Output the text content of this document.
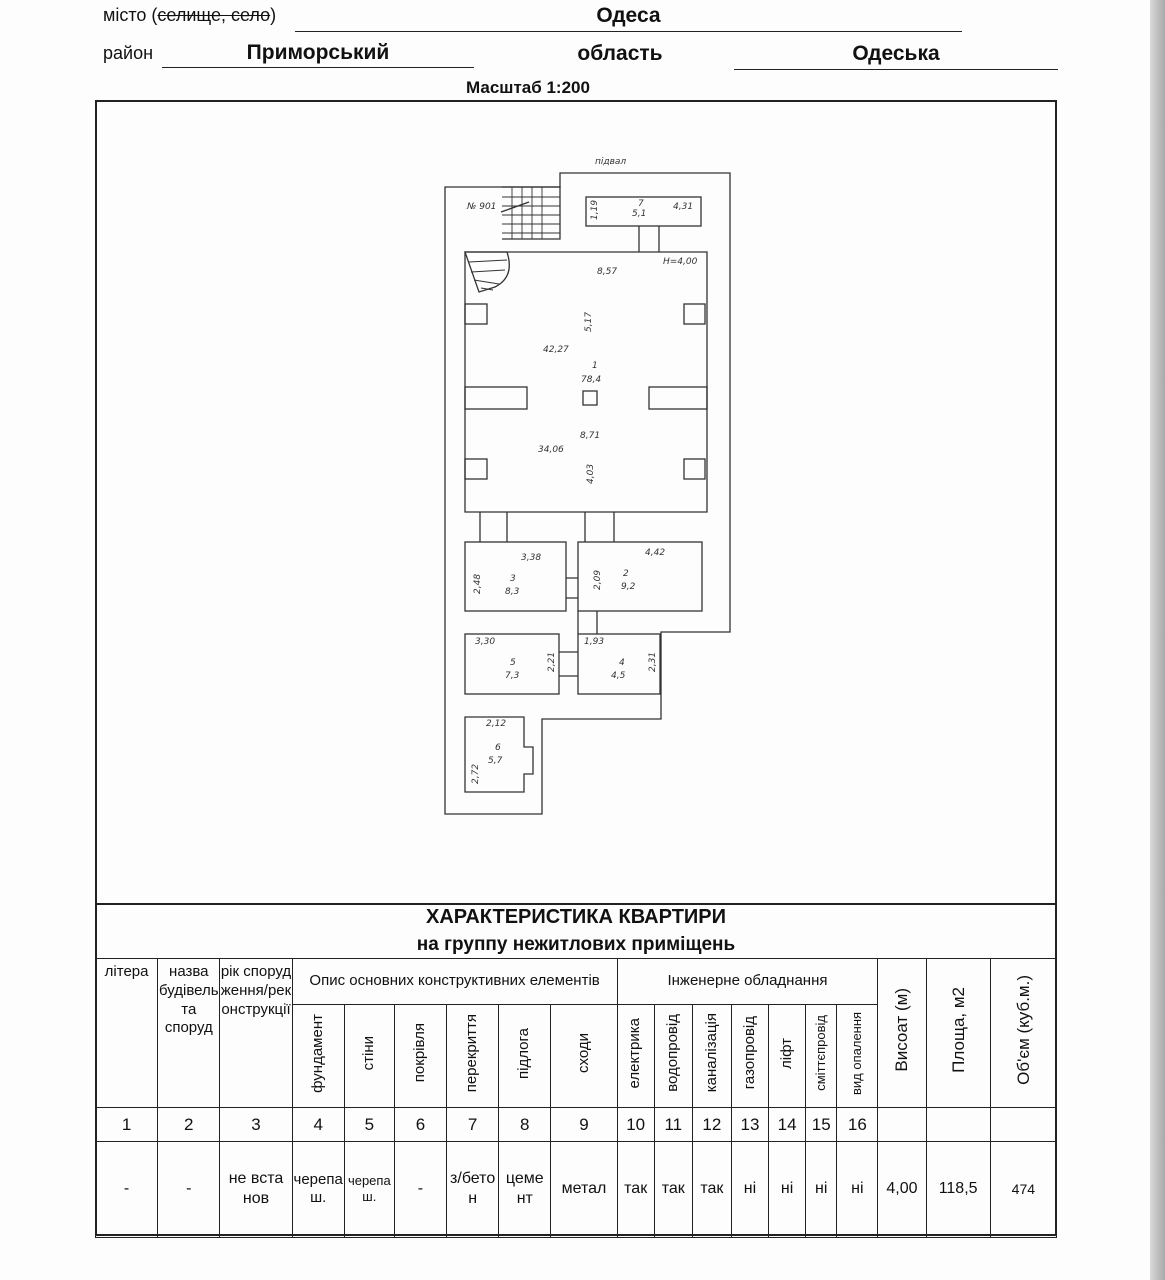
місто (селище, село)	Одеса
район	Приморський	область	Одеська
Масштаб 1:200
підвал
№ 901
Н=4,00
7
5,1
1,19	4,31
8,57
5,17
42,27
1
78,4
8,71
34,06
4,03
3,38
2,48	3
8,3
4,42
2,09 2
9,2
3,30
2,21
5
7,3
1,93
2,31
4
4,5
2,12
2,72
6
5,7
ХАРАКТЕРИСТИКА КВАРТИРИ
на группу нежитлових приміщень
літера	назва будівель та споруд	рік спорудження/реконструкції	Опис основних конструктивних елементів						Інженерне обладнання							Висоат (м)	Площа, м2	Об'єм (куб.м.)
			фундамент	стіни	покрівля	перекриття	підлога	сходи	електрика	водопровід	каналізація	газопровід	ліфт	сміттєпровід	вид опалення			
1	2	3	4	5	6	7	8	9	10	11	12	13	14	15	16			
-	-	не встанов	черепаш.	черепаш.	-	з/бетон	цемент	метал	так	так	так	ні	ні	ні	ні	4,00	118,5	474
